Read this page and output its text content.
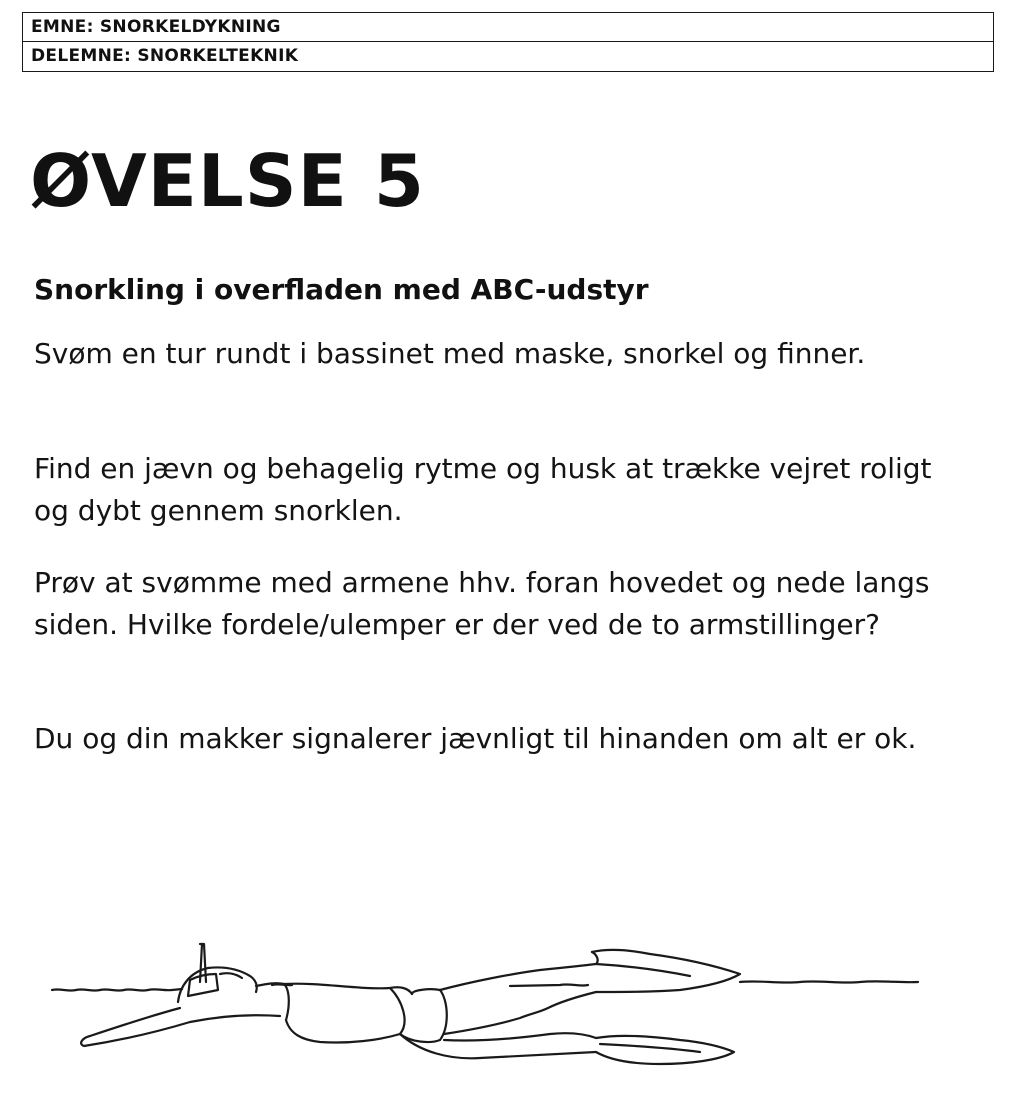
EMNE: SNORKELDYKNING
DELEMNE: SNORKELTEKNIK
ØVELSE 5
Snorkling i overfladen med ABC-udstyr

Svøm en tur rundt i bassinet med maske, snorkel og finner.

Find en jævn og behagelig rytme og husk at trække vejret roligt og dybt gennem snorklen.

Prøv at svømme med armene hhv. foran hovedet og nede langs siden. Hvilke fordele/ulemper er der ved de to armstillinger?

Du og din makker signalerer jævnligt til hinanden om alt er ok.
